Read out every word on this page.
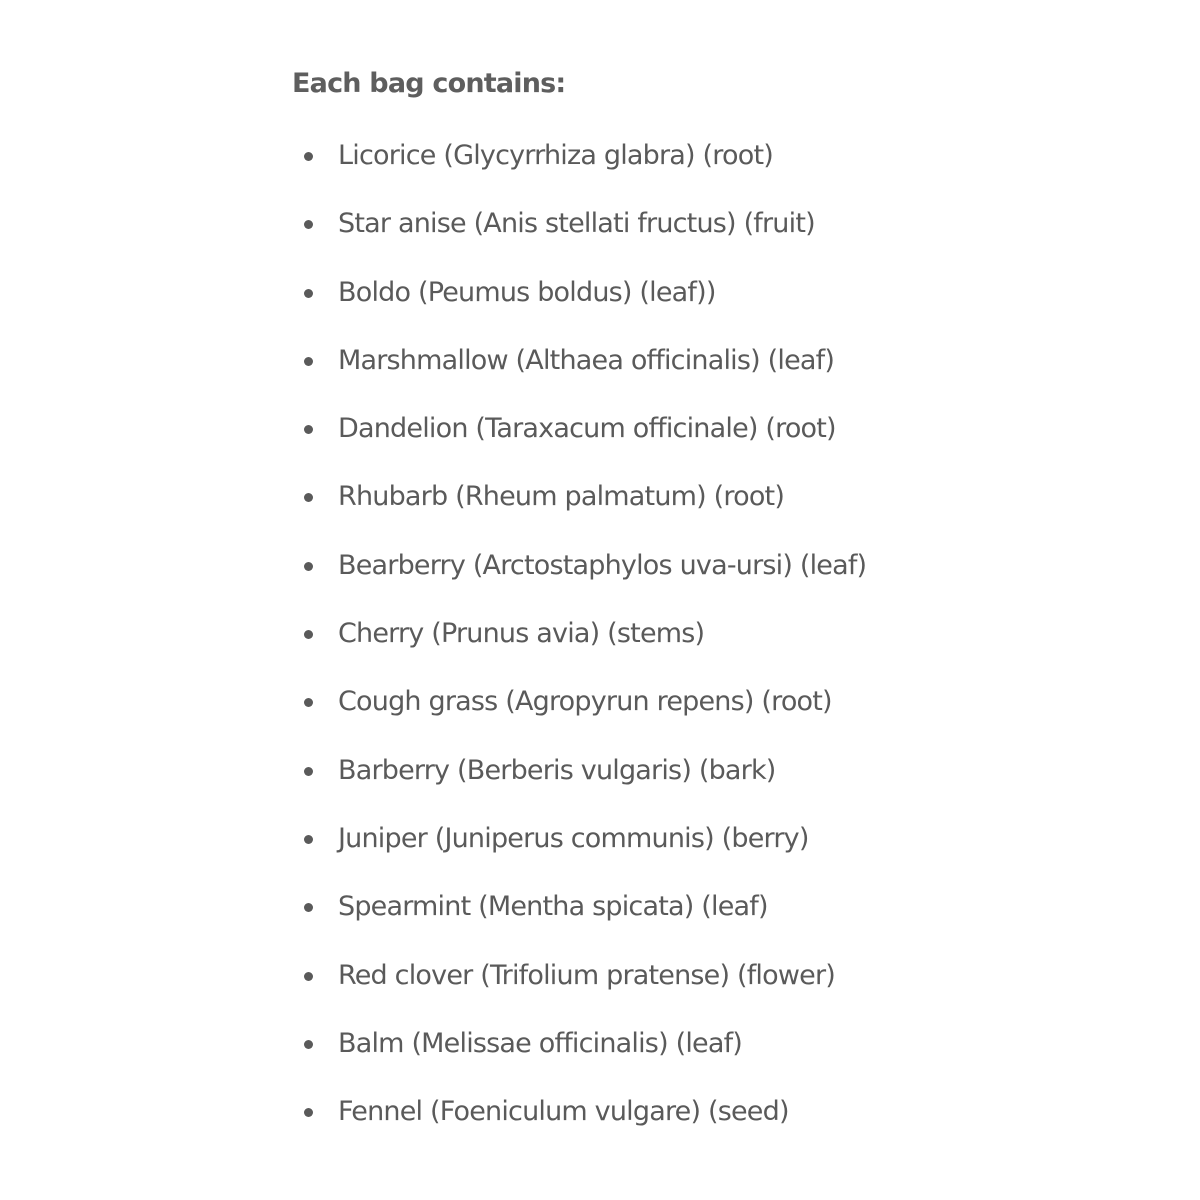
Each bag contains:

Licorice (Glycyrrhiza glabra) (root)
Star anise (Anis stellati fructus) (fruit)
Boldo (Peumus boldus) (leaf))
Marshmallow (Althaea officinalis) (leaf)
Dandelion (Taraxacum officinale) (root)
Rhubarb (Rheum palmatum) (root)
Bearberry (Arctostaphylos uva-ursi) (leaf)
Cherry (Prunus avia) (stems)
Cough grass (Agropyrun repens) (root)
Barberry (Berberis vulgaris) (bark)
Juniper (Juniperus communis) (berry)
Spearmint (Mentha spicata) (leaf)
Red clover (Trifolium pratense) (flower)
Balm (Melissae officinalis) (leaf)
Fennel (Foeniculum vulgare) (seed)
